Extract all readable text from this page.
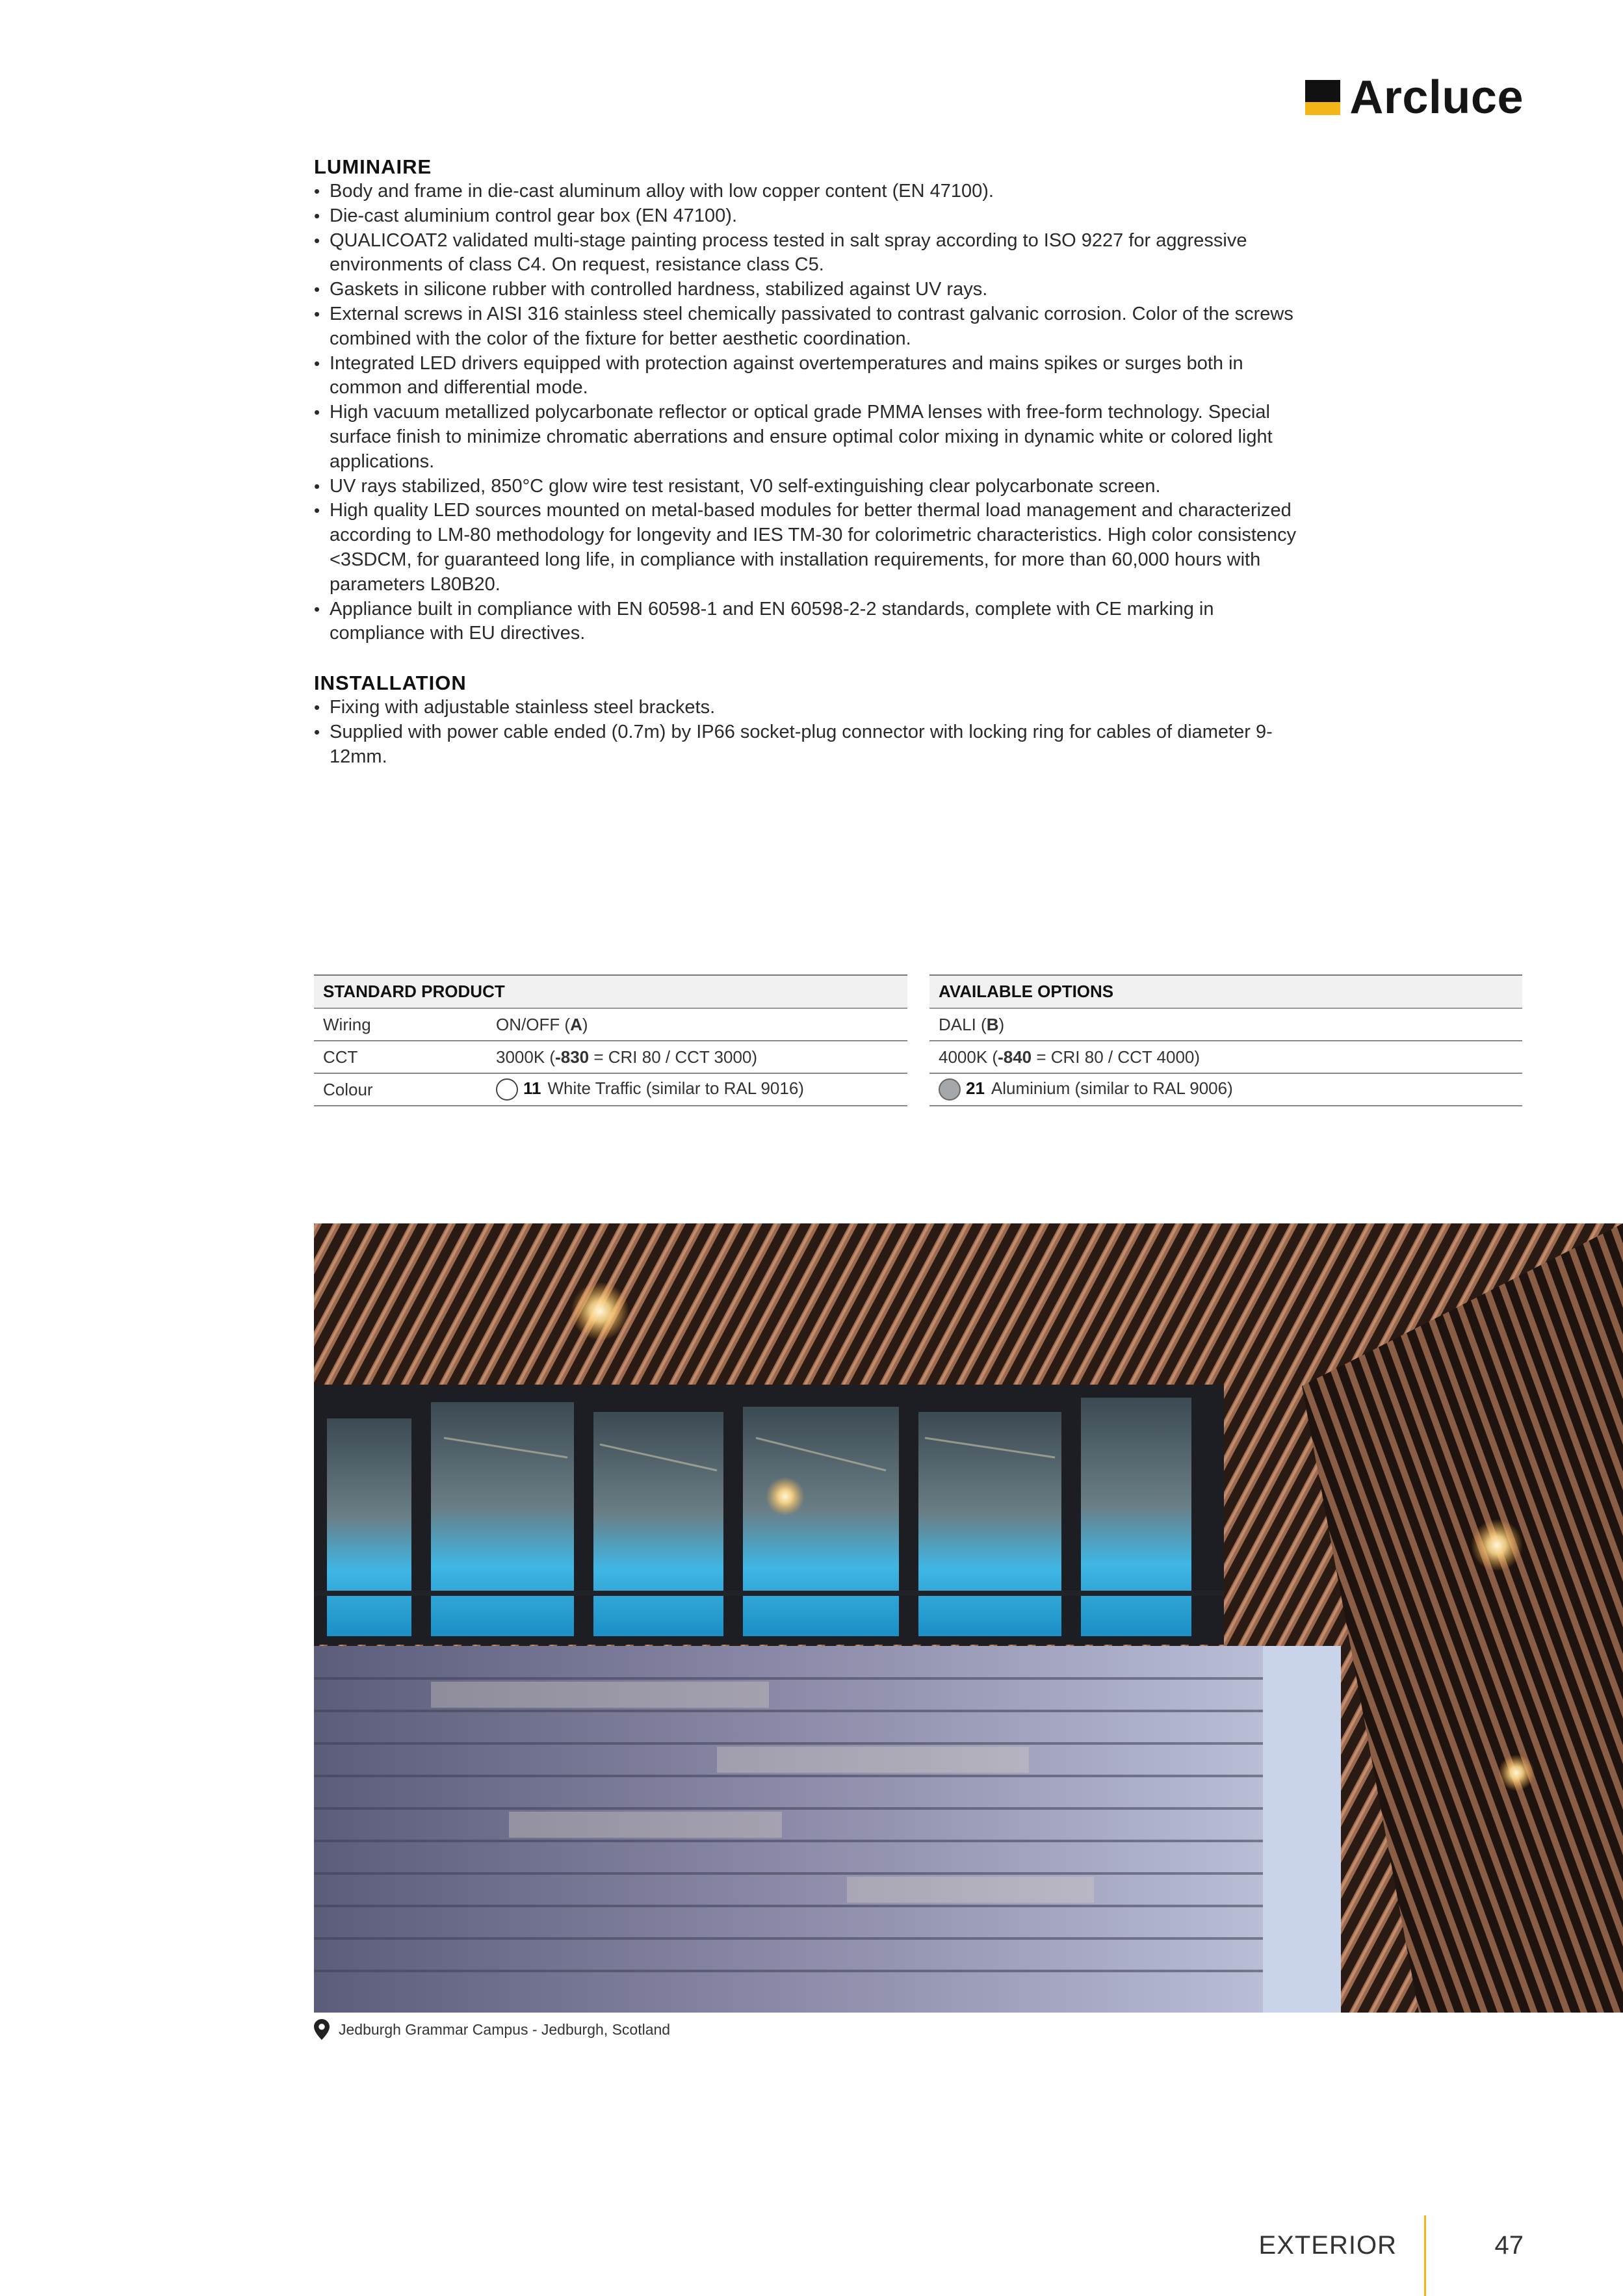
Arcluce
LUMINAIRE
• Body and frame in die-cast aluminum alloy with low copper content (EN 47100).
• Die-cast aluminium control gear box (EN 47100).
• QUALICOAT2 validated multi-stage painting process tested in salt spray according to ISO 9227 for aggressive environments of class C4. On request, resistance class C5.
• Gaskets in silicone rubber with controlled hardness, stabilized against UV rays.
• External screws in AISI 316 stainless steel chemically passivated to contrast galvanic corrosion. Color of the screws combined with the color of the fixture for better aesthetic coordination.
• Integrated LED drivers equipped with protection against overtemperatures and mains spikes or surges both in common and differential mode.
• High vacuum metallized polycarbonate reflector or optical grade PMMA lenses with free-form technology. Special surface finish to minimize chromatic aberrations and ensure optimal color mixing in dynamic white or colored light applications.
• UV rays stabilized, 850°C glow wire test resistant, V0 self-extinguishing clear polycarbonate screen.
• High quality LED sources mounted on metal-based modules for better thermal load management and characterized according to LM-80 methodology for longevity and IES TM-30 for colorimetric characteristics. High color consistency <3SDCM, for guaranteed long life, in compliance with installation requirements, for more than 60,000 hours with parameters L80B20.
• Appliance built in compliance with EN 60598-1 and EN 60598-2-2 standards, complete with CE marking in compliance with EU directives.
INSTALLATION
• Fixing with adjustable stainless steel brackets.
• Supplied with power cable ended (0.7m) by IP66 socket-plug connector with locking ring for cables of diameter 9-12mm.
STANDARD PRODUCT	
Wiring	ON/OFF (A)
CCT	3000K (-830 = CRI 80 / CCT 3000)
Colour	11 White Traffic (similar to RAL 9016)
AVAILABLE OPTIONS
DALI (B)
4000K (-840 = CRI 80 / CCT 4000)
21 Aluminium (similar to RAL 9006)
Jedburgh Grammar Campus - Jedburgh, Scotland
EXTERIOR	47
